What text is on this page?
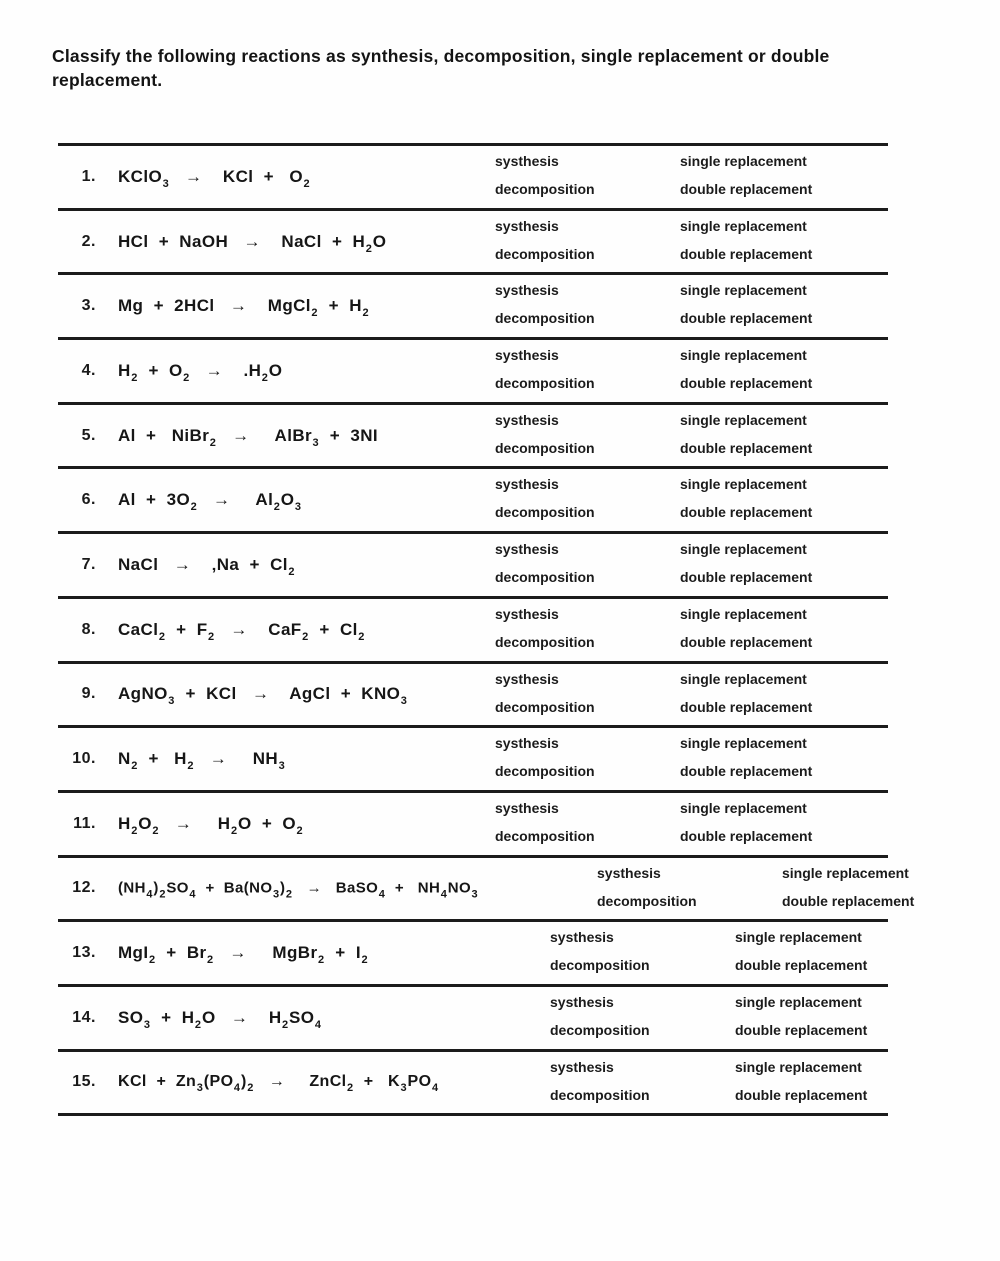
Classify the following reactions as synthesis, decomposition, single replacement or double
replacement.
1. KClO$_3$   →    KCl  +   $O_2$
systhesis
decomposition
single replacement
double replacement
2. HCl  +  NaOH   →    NaCl  +  $H_2O$
systhesis
decomposition
single replacement
double replacement
3. Mg  +  2HCl   →    MgCl$_2$  +  $H_2$
systhesis
decomposition
single replacement
double replacement
4. $H_2 + O_2$   →    $.H_2O$
systhesis
decomposition
single replacement
double replacement
5. Al  +   NiBr$_2$   →     AlBr$_3$  +  3NI
systhesis
decomposition
single replacement
double replacement
6. $Al + 3O_2$   →     $Al_2O_3$
systhesis
decomposition
single replacement
double replacement
7. NaCl   →    ‚Na  +  $Cl_2$
systhesis
decomposition
single replacement
double replacement
8. CaCl$_2$  +  $F_2$   →    $CaF_2 + Cl_2$
systhesis
decomposition
single replacement
double replacement
9. AgNO$_3$  +  KCl   →    AgCl  +  $KNO_3$
systhesis
decomposition
single replacement
double replacement
10. $N_2 + H_2$   →     $NH_3$
systhesis
decomposition
single replacement
double replacement
11. $H_2O_2$   →     $H_2O + O_2$
systhesis
decomposition
single replacement
double replacement
12. $(NH_4)_2SO_4 + Ba(NO_3)_2$   →   BaSO$_4$  +   $NH_4NO_3$
systhesis
decomposition
single replacement
double replacement
13. $MgI_2 + Br_2$   →     MgBr$_2$  +  $I_2$
systhesis
decomposition
single replacement
double replacement
14. $SO_3 + H_2O$   →    $H_2SO_4$
systhesis
decomposition
single replacement
double replacement
15. KCl  +  $Zn_3(PO_4)_2$   →     ZnCl$_2$  +   $K_3PO_4$
systhesis
decomposition
single replacement
double replacement
